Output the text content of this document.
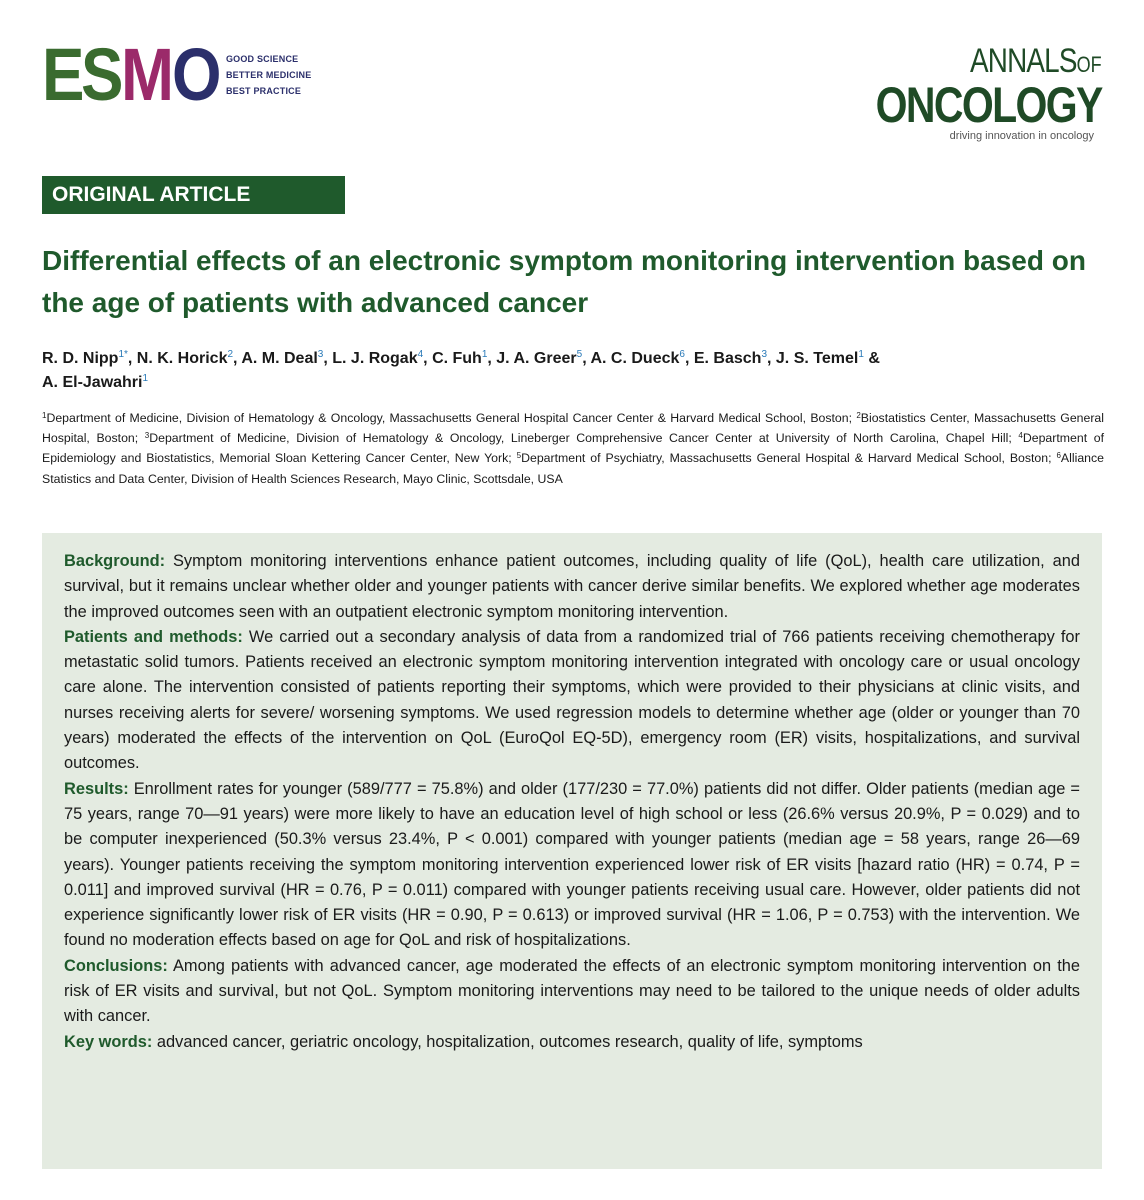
E S M O GOOD SCIENCE
BETTER MEDICINE
BEST PRACTICE
ANNALSOF
ONCOLOGY
driving innovation in oncology
ORIGINAL ARTICLE
Differential effects of an electronic symptom monitoring intervention based on the age of patients with advanced cancer
R. D. Nipp$^{1*}$, N. K. Horick$^2$, A. M. Deal$^3$, L. J. Rogak$^4$, C. Fuh$^1$, J. A. Greer$^5$, A. C. Dueck$^6$, E. Basch$^3$, J. S. Temel$^1$ &
A. El-Jawahri$^1$
$^1$Department of Medicine, Division of Hematology & Oncology, Massachusetts General Hospital Cancer Center & Harvard Medical School, Boston; $^2$Biostatistics Center, Massachusetts General Hospital, Boston; $^3$Department of Medicine, Division of Hematology & Oncology, Lineberger Comprehensive Cancer Center at University of North Carolina, Chapel Hill; $^4$Department of Epidemiology and Biostatistics, Memorial Sloan Kettering Cancer Center, New York; $^5$Department of Psychiatry, Massachusetts General Hospital & Harvard Medical School, Boston; $^6$Alliance Statistics and Data Center, Division of Health Sciences Research, Mayo Clinic, Scottsdale, USA

Background: Symptom monitoring interventions enhance patient outcomes, including quality of life (QoL), health care utilization, and survival, but it remains unclear whether older and younger patients with cancer derive similar benefits. We explored whether age moderates the improved outcomes seen with an outpatient electronic symptom monitoring intervention.

Patients and methods: We carried out a secondary analysis of data from a randomized trial of 766 patients receiving chemotherapy for metastatic solid tumors. Patients received an electronic symptom monitoring intervention integrated with oncology care or usual oncology care alone. The intervention consisted of patients reporting their symptoms, which were provided to their physicians at clinic visits, and nurses receiving alerts for severe/ worsening symptoms. We used regression models to determine whether age (older or younger than 70 years) moderated the effects of the intervention on QoL (EuroQol EQ-5D), emergency room (ER) visits, hospitalizations, and survival outcomes.

Results: Enrollment rates for younger (589/777 = 75.8%) and older (177/230 = 77.0%) patients did not differ. Older patients (median age = 75 years, range 70—91 years) were more likely to have an education level of high school or less (26.6% versus 20.9%, P = 0.029) and to be computer inexperienced (50.3% versus 23.4%, P < 0.001) compared with younger patients (median age = 58 years, range 26—69 years). Younger patients receiving the symptom monitoring intervention experienced lower risk of ER visits [hazard ratio (HR) = 0.74, P = 0.011] and improved survival (HR = 0.76, P = 0.011) compared with younger patients receiving usual care. However, older patients did not experience significantly lower risk of ER visits (HR = 0.90, P = 0.613) or improved survival (HR = 1.06, P = 0.753) with the intervention. We found no moderation effects based on age for QoL and risk of hospitalizations.

Conclusions: Among patients with advanced cancer, age moderated the effects of an electronic symptom monitoring intervention on the risk of ER visits and survival, but not QoL. Symptom monitoring interventions may need to be tailored to the unique needs of older adults with cancer.

Key words: advanced cancer, geriatric oncology, hospitalization, outcomes research, quality of life, symptoms
